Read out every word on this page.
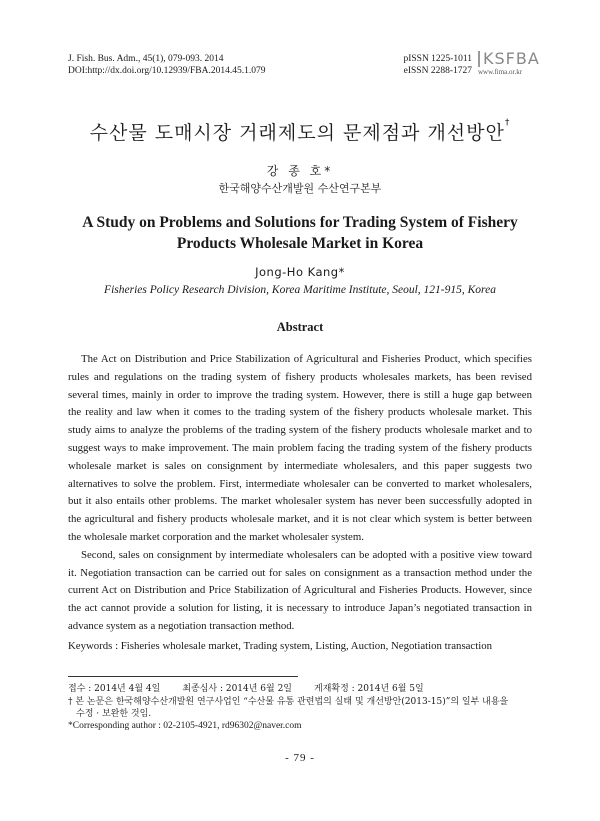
J. Fish. Bus. Adm., 45(1), 079-093. 2014
DOI:http://dx.doi.org/10.12939/FBA.2014.45.1.079
pISSN 1225-1011
eISSN 2288-1727
KSFBA
www.fima.or.kr
수산물 도매시장 거래제도의 문제점과 개선방안†
강 종 호*
한국해양수산개발원 수산연구본부
A Study on Problems and Solutions for Trading System of Fishery
Products Wholesale Market in Korea
Jong-Ho Kang*
Fisheries Policy Research Division, Korea Maritime Institute, Seoul, 121-915, Korea
Abstract

The Act on Distribution and Price Stabilization of Agricultural and Fisheries Product, which specifies rules and regulations on the trading system of fishery products wholesales markets, has been revised several times, mainly in order to improve the trading system. However, there is still a huge gap between the reality and law when it comes to the trading system of the fishery products wholesale market. This study aims to analyze the problems of the trading system of the fishery products wholesale market and to suggest ways to make improvement. The main problem facing the trading system of the fishery products wholesale market is sales on consignment by intermediate wholesalers, and this paper suggests two alternatives to solve the problem. First, intermediate wholesaler can be converted to market wholesalers, but it also entails other problems. The market wholesaler system has never been successfully adopted in the agricultural and fishery products wholesale market, and it is not clear which system is better between the wholesale market corporation and the market wholesaler system.

Second, sales on consignment by intermediate wholesalers can be adopted with a positive view toward it. Negotiation transaction can be carried out for sales on consignment as a transaction method under the current Act on Distribution and Price Stabilization of Agricultural and Fisheries Products. However, since the act cannot provide a solution for listing, it is necessary to introduce Japan’s negotiated transaction in advance system as a negotiation transaction method.

Keywords : Fisheries wholesale market, Trading system, Listing, Auction, Negotiation transaction
접수 : 2014년 4월 4일 최종심사 : 2014년 6월 2일 게재확정 : 2014년 6월 5일
† 본 논문은 한국해양수산개발원 연구사업인 “수산물 유통 관련법의 실태 및 개선방안(2013-15)”의 일부 내용을
수정 · 보완한 것임.
*Corresponding author : 02-2105-4921, rd96302@naver.com
- 79 -
